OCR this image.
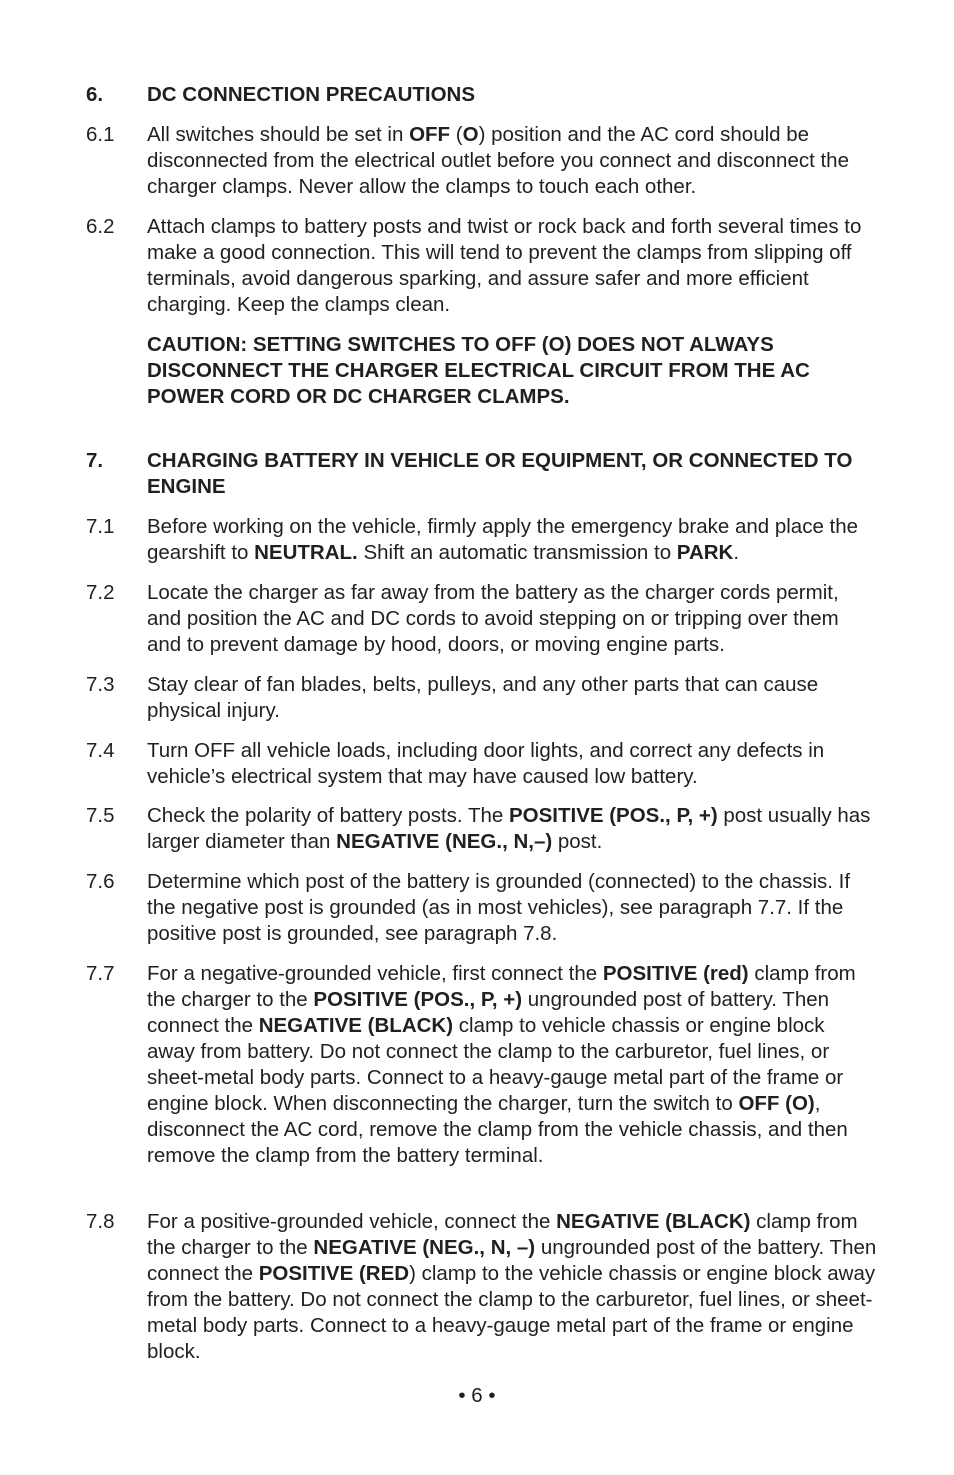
6.	DC CONNECTION PRECAUTIONS
6.1	All switches should be set in OFF (O) position and the AC cord should be disconnected from the electrical outlet before you connect and disconnect the charger clamps. Never allow the clamps to touch each other.
6.2	Attach clamps to battery posts and twist or rock back and forth several times to make a good connection. This will tend to prevent the clamps from slipping off terminals, avoid dangerous sparking, and assure safer and more efficient charging. Keep the clamps clean.
CAUTION: SETTING SWITCHES TO OFF (O) DOES NOT ALWAYS DISCONNECT THE CHARGER ELECTRICAL CIRCUIT FROM THE AC POWER CORD OR DC CHARGER CLAMPS.
7.	CHARGING BATTERY IN VEHICLE OR EQUIPMENT, OR CONNECTED TO ENGINE
7.1	Before working on the vehicle, firmly apply the emergency brake and place the gearshift to NEUTRAL. Shift an automatic transmission to PARK.
7.2	Locate the charger as far away from the battery as the charger cords permit, and position the AC and DC cords to avoid stepping on or tripping over them and to prevent damage by hood, doors, or moving engine parts.
7.3	Stay clear of fan blades, belts, pulleys, and any other parts that can cause physical injury.
7.4	Turn OFF all vehicle loads, including door lights, and correct any defects in vehicle’s electrical system that may have caused low battery.
7.5	Check the polarity of battery posts. The POSITIVE (POS., P, +) post usually has larger diameter than NEGATIVE (NEG., N,–) post.
7.6	Determine which post of the battery is grounded (connected) to the chassis. If the negative post is grounded (as in most vehicles), see paragraph 7.7. If the positive post is grounded, see paragraph 7.8.
7.7	For a negative-grounded vehicle, first connect the POSITIVE (red) clamp from the charger to the POSITIVE (POS., P, +) ungrounded post of battery. Then connect the NEGATIVE (BLACK) clamp to vehicle chassis or engine block away from battery. Do not connect the clamp to the carburetor, fuel lines, or sheet-metal body parts. Connect to a heavy-gauge metal part of the frame or engine block. When disconnecting the charger, turn the switch to OFF (O), disconnect the AC cord, remove the clamp from the vehicle chassis, and then remove the clamp from the battery terminal.
7.8	For a positive-grounded vehicle, connect the NEGATIVE (BLACK) clamp from the charger to the NEGATIVE (NEG., N, –) ungrounded post of the battery. Then connect the POSITIVE (RED) clamp to the vehicle chassis or engine block away from the battery. Do not connect the clamp to the carburetor, fuel lines, or sheet-metal body parts. Connect to a heavy-gauge metal part of the frame or engine block.
• 6 •
